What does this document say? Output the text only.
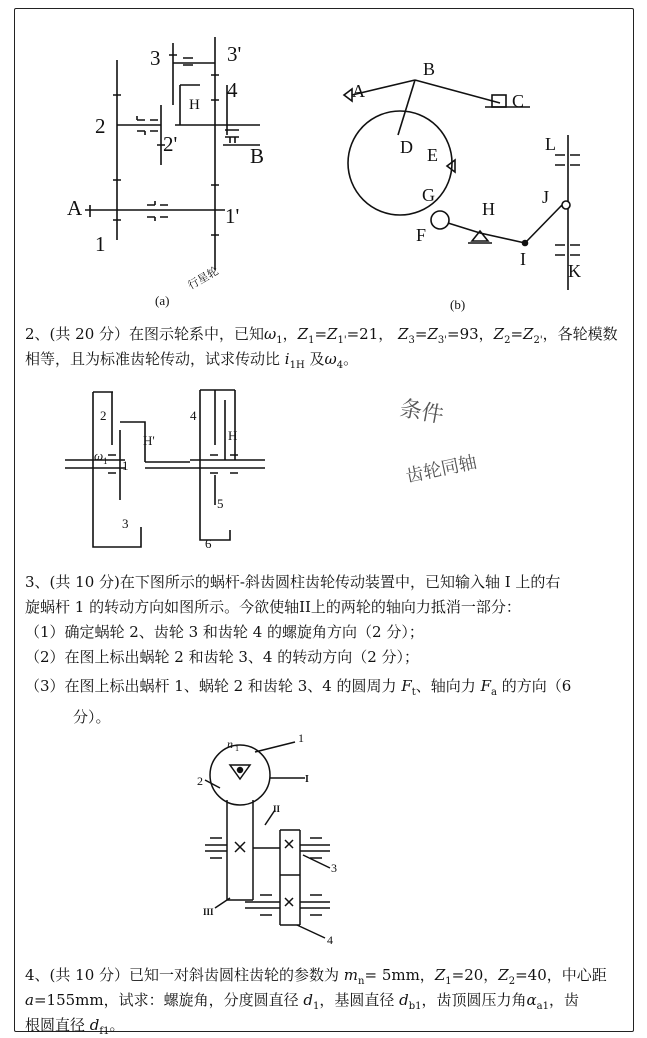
3	3'
4
H
2
2'	B
A
1
1'
(a)
行星轮
A
B
C
D E
G
F
H
J
I
L
K
(b)
2、(共 20 分）在图示轮系中，已知$\omega_1$，$Z_1=Z_{1'}=21$， $Z_3=Z_{3'}=93$，$Z_2=Z_{2'}$，各轮模数
相等，且为标准齿轮传动，试求传动比 $i_{1H}$ 及$\omega_4$。
2	4
H
H'
ω 1 1
3
5
6
条件
齿轮同轴
3、(共 10 分)在下图所示的蜗杆-斜齿圆柱齿轮传动装置中，已知输入轴 I 上的右
旋蜗杆 1 的转动方向如图所示。今欲使轴II上的两轮的轴向力抵消一部分：
（1）确定蜗轮 2、齿轮 3 和齿轮 4 的螺旋角方向（2 分）；
（2）在图上标出蜗轮 2 和齿轮 3、4 的转动方向（2 分）；
（3）在图上标出蜗杆 1、蜗轮 2 和齿轮 3、4 的圆周力 $F_t$、轴向力 $F_a$ 的方向（6
分）。
n 1
1
I
2
II
3
III
4
4、(共 10 分）已知一对斜齿圆柱齿轮的参数为 $m_n= 5mm$，$Z_1=20$，$Z_2=40$，中心距
a=155mm，试求：螺旋角，分度圆直径 $d_1$，基圆直径 $d_{b1}$，齿顶圆压力角$\alpha_{a1}$，齿
根圆直径 $d_{f1}$。
